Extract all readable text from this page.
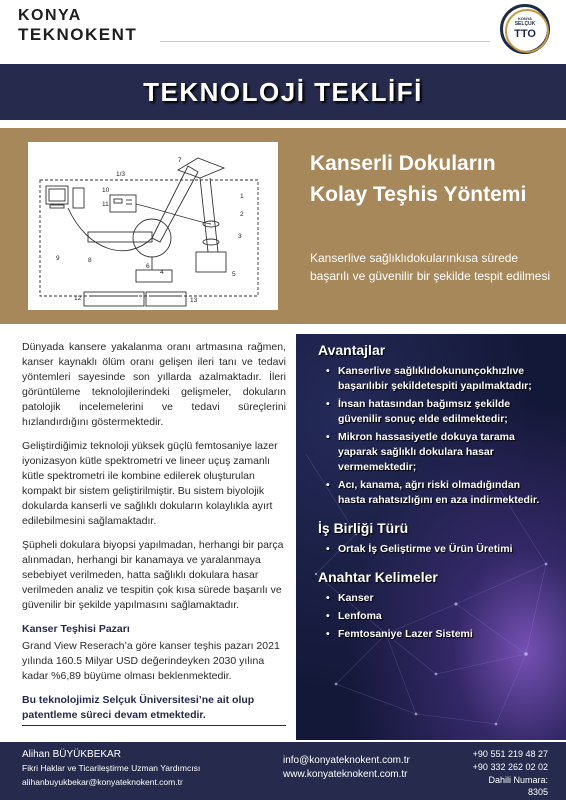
KONYA
TEKNOKENT
KONYA
SELÇUK
TTO
TEKNOLOJİ TEKLİFİ
1/3
1
2
3
4	5
6
7
8
9
10
11
12	13
Kanserli Dokuların Kolay Teşhis Yöntemi
Kanserlive sağlıklıdokularınkısa sürede başarılı ve güvenilir bir şekilde tespit edilmesi

Dünyada kansere yakalanma oranı artmasına rağmen, kanser kaynaklı ölüm oranı gelişen ileri tanı ve tedavi yöntemleri sayesinde son yıllarda azalmaktadır. İleri görüntüleme teknolojilerindeki gelişmeler, dokuların patolojik incelemelerini ve tedavi süreçlerini hızlandırdığını göstermektedir.

Geliştirdiğimiz teknoloji yüksek güçlü femtosaniye lazer iyonizasyon kütle spektrometri ve lineer uçuş zamanlı kütle spektrometri ile kombine edilerek oluşturulan kompakt bir sistem geliştirilmiştir. Bu sistem biyolojik dokularda kanserli ve sağlıklı dokuların kolaylıkla ayırt edilebilmesini sağlamaktadır.

Şüpheli dokulara biyopsi yapılmadan, herhangi bir parça alınmadan, herhangi bir kanamaya ve yaralanmaya sebebiyet verilmeden, hatta sağlıklı dokulara hasar verilmeden analiz ve tespitin çok kısa sürede başarılı ve güvenilir bir şekilde yapılmasını sağlamaktadır.

Kanser Teşhisi Pazarı

Grand View Reserach’a göre kanser teşhis pazarı 2021 yılında 160.5 Milyar USD değerindeyken 2030 yılına kadar %6,89 büyüme olması beklenmektedir.

Bu teknolojimiz Selçuk Üniversitesi’ne ait olup patentleme süreci devam etmektedir.
Avantajlar
• Kanserlive sağlıklıdokununçokhızlıve başarılıbir şekildetespiti yapılmaktadır;
• İnsan hatasından bağımsız şekilde güvenilir sonuç elde edilmektedir;
• Mikron hassasiyetle dokuya tarama yaparak sağlıklı dokulara hasar vermemektedir;
• Acı, kanama, ağrı riski olmadığından hasta rahatsızlığını en aza indirmektedir.
İş Birliği Türü
• Ortak İş Geliştirme ve Ürün Üretimi
Anahtar Kelimeler
• Kanser
• Lenfoma
• Femtosaniye Lazer Sistemi
Alihan BÜYÜKBEKAR
Fikri Haklar ve Ticarileştirme Uzman Yardımcısı
alihanbuyukbekar@konyateknokent.com.tr
info@konyateknokent.com.tr
www.konyateknokent.com.tr
+90 551 219 48 27
+90 332 262 02 02
Dahili Numara: 8305
